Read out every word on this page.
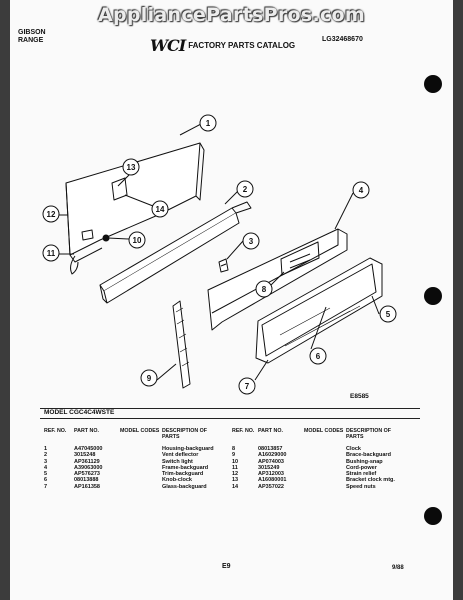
AppliancePartsPros.com
GIBSON
RANGE	WCI FACTORY PARTS CATALOG
LG32468670
1
2
3
4
5
6
7
8
9
10
11
12
13
14
E8585
MODEL CGC4C4WSTE
REF. NO.	PART NO.	MODEL CODES	DESCRIPTION OF PARTS
1	A47045000		Housing-backguard
2	3015248		Vent deflector
3	AP361129		Switch light
4	A39063000		Frame-backguard
5	AP576273		Trim-backguard
6	08013888		Knob-clock
7	AP161358		Glass-backguard
REF. NO.	PART NO.	MODEL CODES	DESCRIPTION OF PARTS
8	08013857		Clock
9	A16029000		Brace-backguard
10	AP074003		Bushing-snap
11	3015249		Cord-power
12	AP312003		Strain relief
13	A16080001		Bracket clock mtg.
14	AP357022		Speed nuts
E9	9/88
